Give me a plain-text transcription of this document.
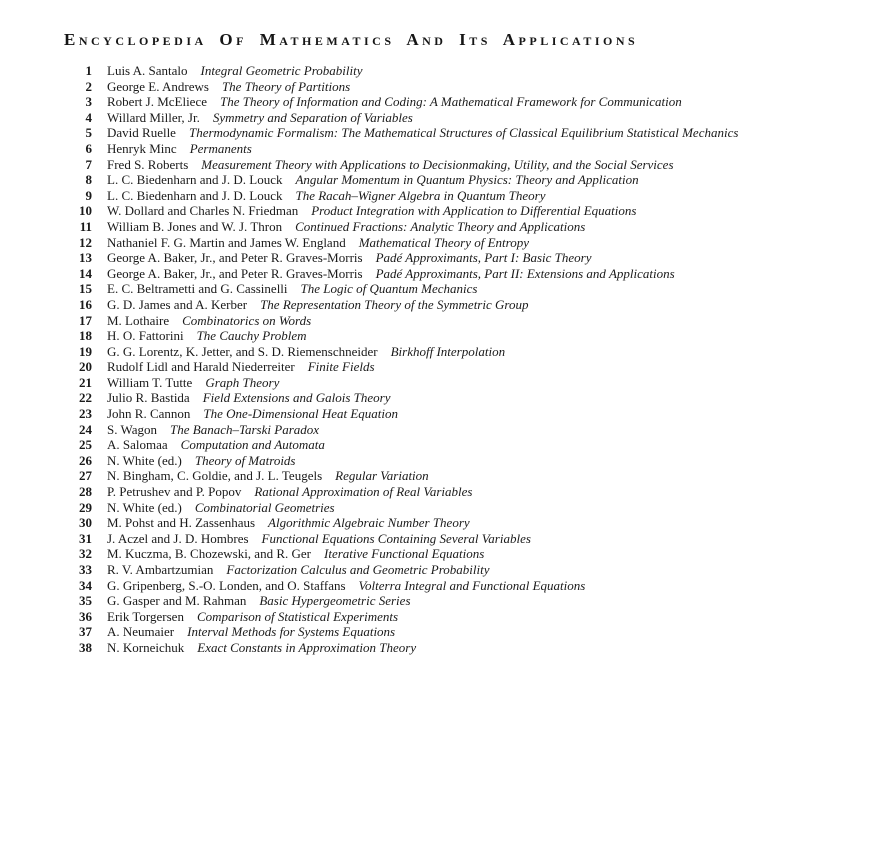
Encyclopedia Of Mathematics And Its Applications
1 Luis A. Santalo Integral Geometric Probability
2 George E. Andrews The Theory of Partitions
3 Robert J. McEliece The Theory of Information and Coding: A Mathematical Framework for Communication
4 Willard Miller, Jr. Symmetry and Separation of Variables
5 David Ruelle Thermodynamic Formalism: The Mathematical Structures of Classical Equilibrium Statistical Mechanics
6 Henryk Minc Permanents
7 Fred S. Roberts Measurement Theory with Applications to Decisionmaking, Utility, and the Social Services
8 L. C. Biedenharn and J. D. Louck Angular Momentum in Quantum Physics: Theory and Application
9 L. C. Biedenharn and J. D. Louck The Racah–Wigner Algebra in Quantum Theory
10 W. Dollard and Charles N. Friedman Product Integration with Application to Differential Equations
11 William B. Jones and W. J. Thron Continued Fractions: Analytic Theory and Applications
12 Nathaniel F. G. Martin and James W. England Mathematical Theory of Entropy
13 George A. Baker, Jr., and Peter R. Graves-Morris Padé Approximants, Part I: Basic Theory
14 George A. Baker, Jr., and Peter R. Graves-Morris Padé Approximants, Part II: Extensions and Applications
15 E. C. Beltrametti and G. Cassinelli The Logic of Quantum Mechanics
16 G. D. James and A. Kerber The Representation Theory of the Symmetric Group
17 M. Lothaire Combinatorics on Words
18 H. O. Fattorini The Cauchy Problem
19 G. G. Lorentz, K. Jetter, and S. D. Riemenschneider Birkhoff Interpolation
20 Rudolf Lidl and Harald Niederreiter Finite Fields
21 William T. Tutte Graph Theory
22 Julio R. Bastida Field Extensions and Galois Theory
23 John R. Cannon The One-Dimensional Heat Equation
24 S. Wagon The Banach–Tarski Paradox
25 A. Salomaa Computation and Automata
26 N. White (ed.) Theory of Matroids
27 N. Bingham, C. Goldie, and J. L. Teugels Regular Variation
28 P. Petrushev and P. Popov Rational Approximation of Real Variables
29 N. White (ed.) Combinatorial Geometries
30 M. Pohst and H. Zassenhaus Algorithmic Algebraic Number Theory
31 J. Aczel and J. D. Hombres Functional Equations Containing Several Variables
32 M. Kuczma, B. Chozewski, and R. Ger Iterative Functional Equations
33 R. V. Ambartzumian Factorization Calculus and Geometric Probability
34 G. Gripenberg, S.-O. Londen, and O. Staffans Volterra Integral and Functional Equations
35 G. Gasper and M. Rahman Basic Hypergeometric Series
36 Erik Torgersen Comparison of Statistical Experiments
37 A. Neumaier Interval Methods for Systems Equations
38 N. Korneichuk Exact Constants in Approximation Theory
